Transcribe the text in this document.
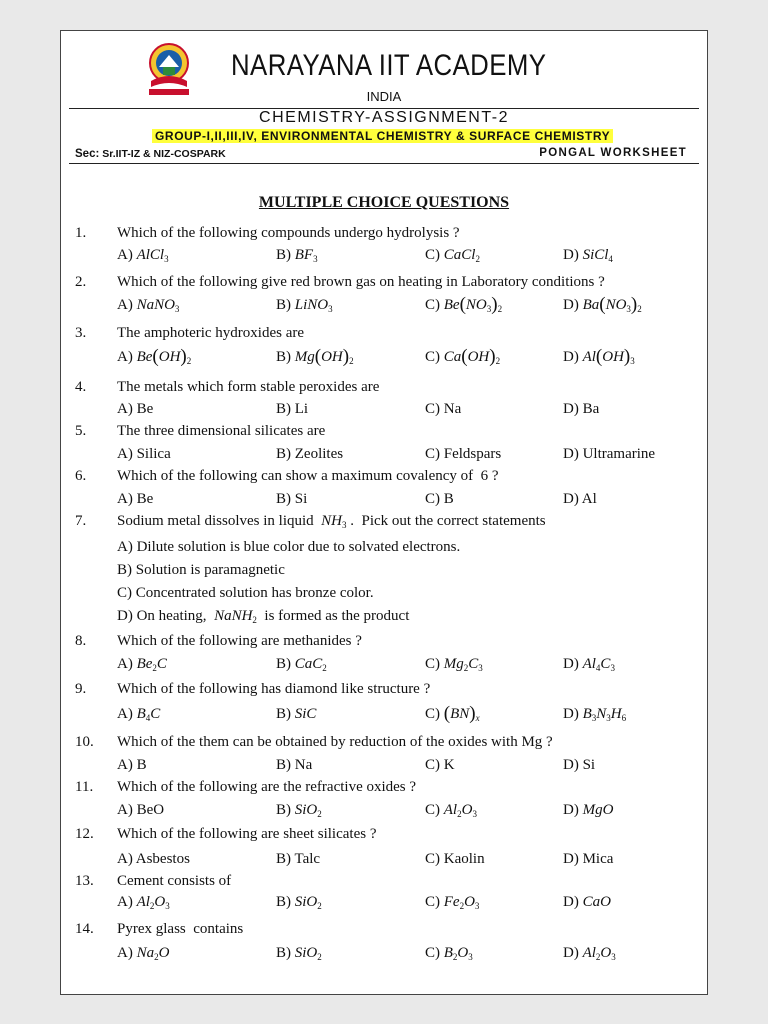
NARAYANA IIT ACADEMY
INDIA
CHEMISTRY-ASSIGNMENT-2
GROUP-I,II,III,IV, ENVIRONMENTAL CHEMISTRY & SURFACE CHEMISTRY
Sec: Sr.IIT-IZ & NIZ-COSPARK	PONGAL WORKSHEET
MULTIPLE CHOICE QUESTIONS
1. Which of the following compounds undergo hydrolysis ?
A) AlCl$_3$	B) $BF_3$	C) CaCl$_2$	D) SiCl$_4$
2. Which of the following give red brown gas on heating in Laboratory conditions ?
A) NaNO$_3$	B) LiNO$_3$	C) $Be(NO_3)_2$	D) $Ba(NO_3)_2$
3. The amphoteric hydroxides are
A) $Be(OH)_2$	B) $Mg(OH)_2$	C) $Ca(OH)_2$	D) $Al(OH)_3$
4. The metals which form stable peroxides are
A) Be	B) Li	C) Na	D) Ba
5. The three dimensional silicates are
A) Silica	B) Zeolites	C) Feldspars	D) Ultramarine
6. Which of the following can show a maximum covalency of  6 ?
A) Be	B) Si	C) B	D) Al
7. Sodium metal dissolves in liquid  $NH_3$ .  Pick out the correct statements
A) Dilute solution is blue color due to solvated electrons.
B) Solution is paramagnetic
C) Concentrated solution has bronze color.
D) On heating,  NaNH$_2$  is formed as the product
8. Which of the following are methanides ?
A) $Be_2C$	B) CaC$_2$	C) $Mg_2C_3$	D) $Al_4C_3$
9. Which of the following has diamond like structure ?
A) $B_4C$	B) SiC	C) $(BN)_x$	D) $B_3N_3H_6$
10. Which of the them can be obtained by reduction of the oxides with Mg ?
A) B	B) Na	C) K	D) Si
11. Which of the following are the refractive oxides ?
A) BeO	B) SiO$_2$	C) $Al_2O_3$	D) MgO
12. Which of the following are sheet silicates ?
A) Asbestos	B) Talc	C) Kaolin	D) Mica
13. Cement consists of
A) $Al_2O_3$	B) SiO$_2$	C) $Fe_2O_3$	D) CaO
14. Pyrex glass  contains
A) $Na_2O$	B) SiO$_2$	C) $B_2O_3$	D) $Al_2O_3$
